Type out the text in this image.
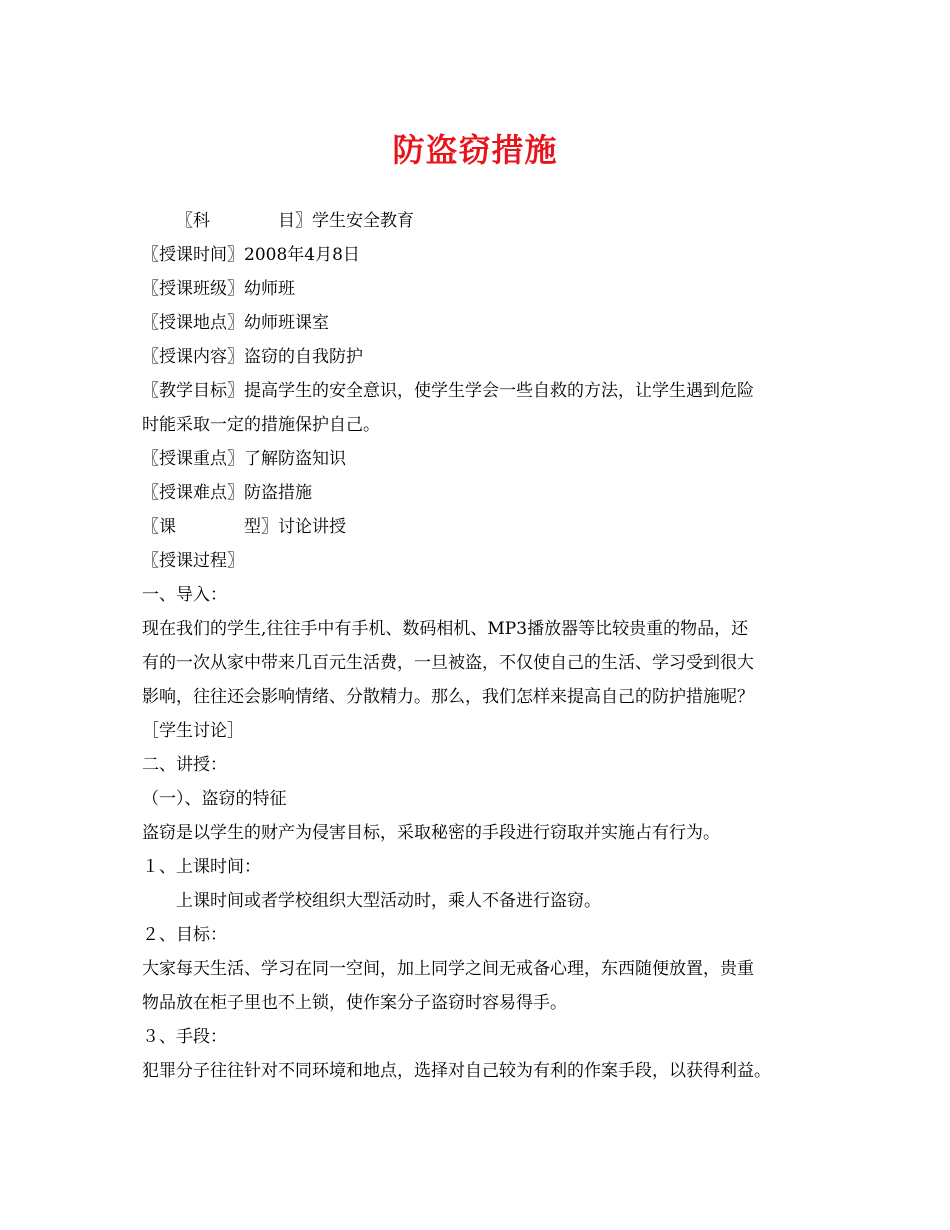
防盗窃措施
〖科　　　　目〗学生安全教育
〖授课时间〗2008年4月8日
〖授课班级〗幼师班
〖授课地点〗幼师班课室
〖授课内容〗盗窃的自我防护
〖教学目标〗提高学生的安全意识，使学生学会一些自救的方法，让学生遇到危险
时能采取一定的措施保护自己。
〖授课重点〗了解防盗知识
〖授课难点〗防盗措施
〖课　　　　型〗讨论讲授
〖授课过程〗
一、导入：
现在我们的学生,往往手中有手机、数码相机、MP3播放器等比较贵重的物品，还
有的一次从家中带来几百元生活费，一旦被盗，不仅使自己的生活、学习受到很大
影响，往往还会影响情绪、分散精力。那么，我们怎样来提高自己的防护措施呢？
［学生讨论］
二、讲授：
（一）、盗窃的特征
盗窃是以学生的财产为侵害目标，采取秘密的手段进行窃取并实施占有行为。
１、上课时间：
上课时间或者学校组织大型活动时，乘人不备进行盗窃。
２、目标：
大家每天生活、学习在同一空间，加上同学之间无戒备心理，东西随便放置，贵重
物品放在柜子里也不上锁，使作案分子盗窃时容易得手。
３、手段：
犯罪分子往往针对不同环境和地点，选择对自己较为有利的作案手段，以获得利益。
